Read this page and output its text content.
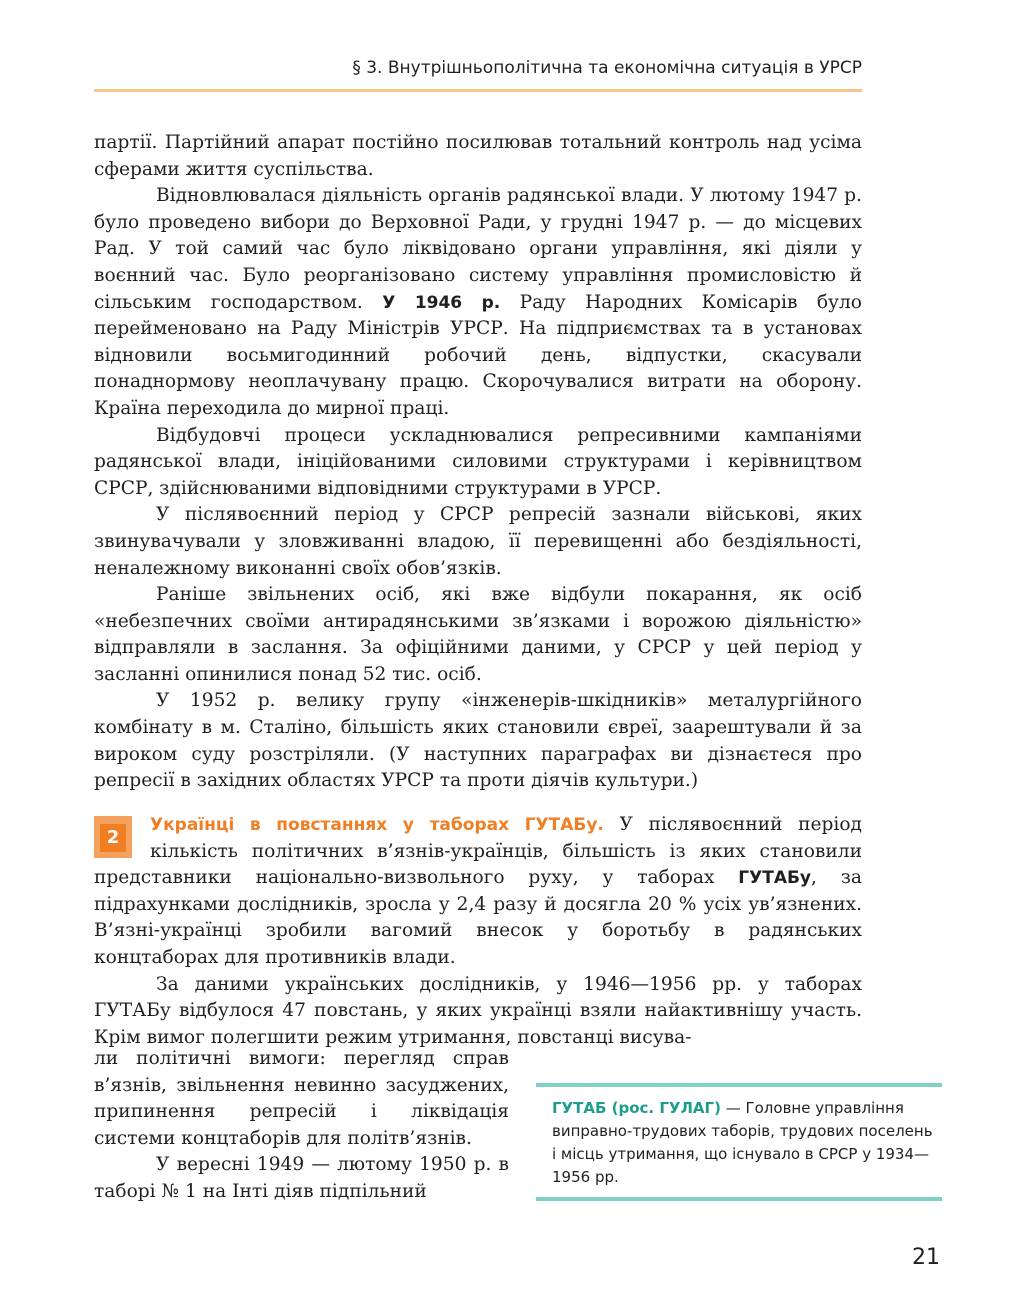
§ 3. Внутрішньополітична та економічна ситуація в УРСР

партії. Партійний апарат постійно посилював тотальний контроль над усіма сферами життя суспільства.

Відновлювалася діяльність органів радянської влади. У лютому 1947 р. було проведено вибори до Верховної Ради, у грудні 1947 р. — до місцевих Рад. У той самий час було ліквідовано органи управління, які діяли у воєнний час. Було реорганізовано систему управління промисловістю й сільським господарством. У 1946 р. Раду Народних Комісарів було перейменовано на Раду Міністрів УРСР. На підприємствах та в установах відновили восьмигодинний робочий день, відпустки, скасували понаднормову неоплачувану працю. Скорочувалися витрати на оборону. Країна переходила до мирної праці.

Відбудовчі процеси ускладнювалися репресивними кампаніями радянської влади, ініційованими силовими структурами і керівництвом СРСР, здійснюваними відповідними структурами в УРСР.

У післявоєнний період у СРСР репресій зазнали військові, яких звинувачували у зловживанні владою, її перевищенні або бездіяльності, неналежному виконанні своїх обов’язків.

Раніше звільнених осіб, які вже відбули покарання, як осіб «небезпечних своїми антирадянськими зв’язками і ворожою діяльністю» відправляли в заслання. За офіційними даними, у СРСР у цей період у засланні опинилися понад 52 тис. осіб.

У 1952 р. велику групу «інженерів-шкідників» металургійного комбінату в м. Сталіно, більшість яких становили євреї, заарештували й за вироком суду розстріляли. (У наступних параграфах ви дізнаєтеся про репресії в західних областях УРСР та проти діячів культури.)

2

Українці в повстаннях у таборах ГУТАБу. У післявоєнний період кількість політичних в’язнів-українців, більшість із яких становили представники національно-визвольного руху, у таборах ГУТАБу, за підрахунками дослідників, зросла у 2,4 разу й досягла 20 % усіх ув’язнених. В’язні-українці зробили вагомий внесок у боротьбу в радянських концтаборах для противників влади.

За даними українських дослідників, у 1946—1956 рр. у таборах ГУТАБу відбулося 47 повстань, у яких українці взяли найактивнішу участь. Крім вимог полегшити режим утримання, повстанці висува-

ли політичні вимоги: перегляд справ в’язнів, звільнення невинно засуджених, припинення репресій і ліквідація системи концтаборів для політв’язнів.

У вересні 1949 — лютому 1950 р. в таборі № 1 на Інті діяв підпільний

ГУТАБ (рос. ГУЛАГ) — Головне управління виправно-трудових таборів, трудових поселень і місць утримання, що існувало в СРСР у 1934—1956 рр.
21
